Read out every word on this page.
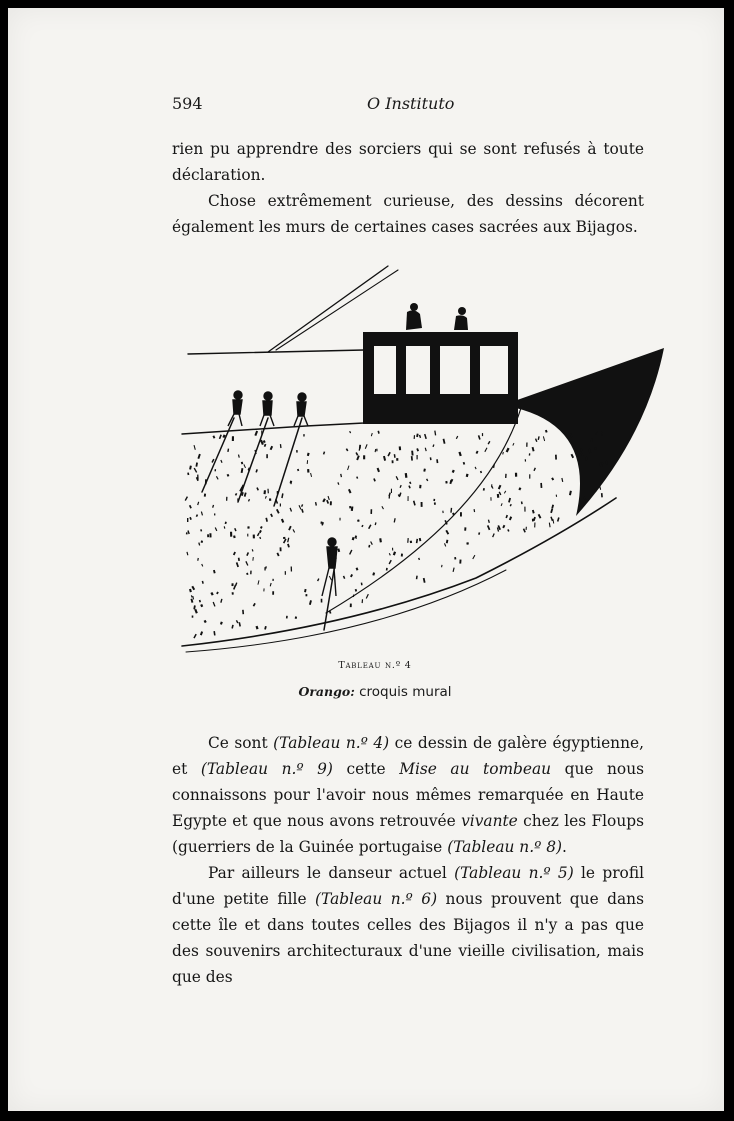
594	O Instituto

rien pu apprendre des sorciers qui se sont refusés à toute déclaration.

Chose extrêmement curieuse, des dessins décorent également les murs de certaines cases sacrées aux Bijagos.

Tableau n.º 4
Orango: croquis mural

Ce sont (Tableau n.º 4) ce dessin de galère égyptienne, et (Tableau n.º 9) cette Mise au tombeau que nous connaissons pour l'avoir nous mêmes remarquée en Haute Egypte et que nous avons retrouvée vivante chez les Floups (guerriers de la Guinée portugaise (Tableau n.º 8).

Par ailleurs le danseur actuel (Tableau n.º 5) le profil d'une petite fille (Tableau n.º 6) nous prouvent que dans cette île et dans toutes celles des Bijagos il n'y a pas que des souvenirs architecturaux d'une vieille civilisation, mais que des
